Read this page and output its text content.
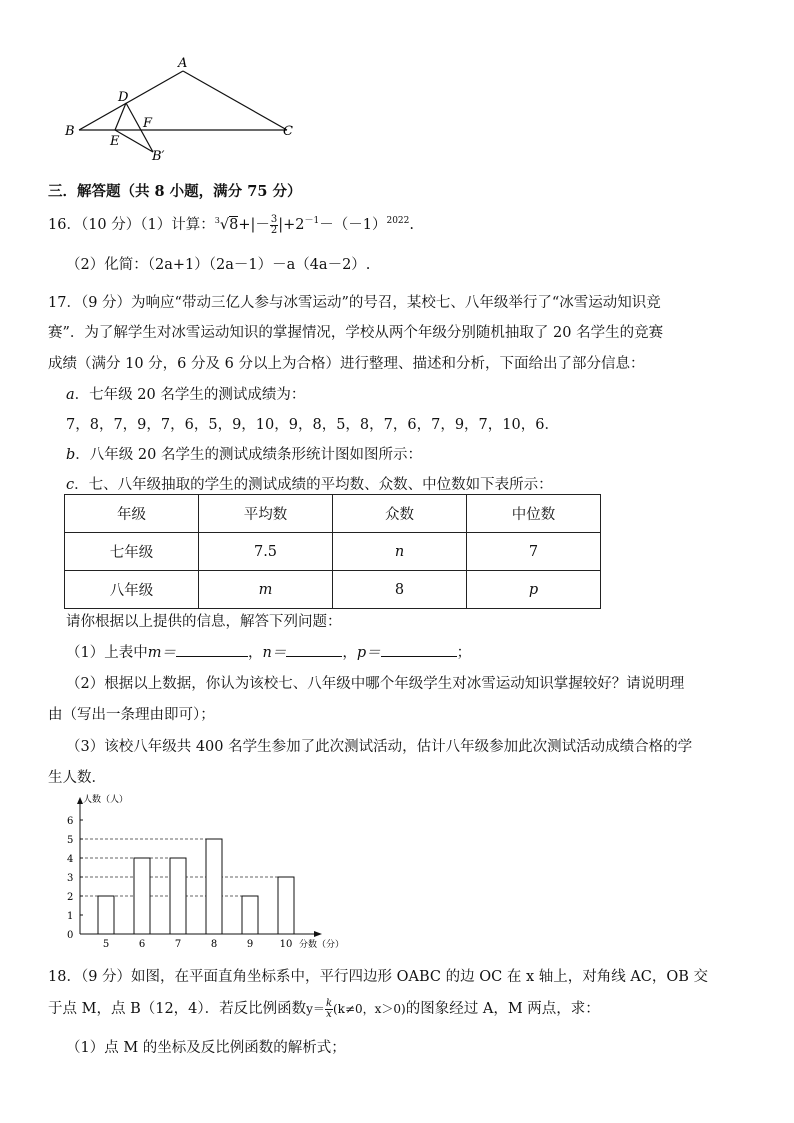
A
B	C
D
E
F
B′
三．解答题（共 8 小题，满分 75 分）
16．（10 分）（1）计算：$^3√8+|- \frac{3}{2} |+2^{-1}-(-1)^{2022}$.
（2）化简：（2a+1）（2a－1）－a（4a－2）.
17．（9 分）为响应“带动三亿人参与冰雪运动”的号召，某校七、八年级举行了“冰雪运动知识竞
赛”．为了解学生对冰雪运动知识的掌握情况，学校从两个年级分别随机抽取了 20 名学生的竞赛
成绩（满分 10 分，6 分及 6 分以上为合格）进行整理、描述和分析，下面给出了部分信息：
a．七年级 20 名学生的测试成绩为：
7，8，7，9，7，6，5，9，10，9，8，5，8，7，6，7，9，7，10，6．
b．八年级 20 名学生的测试成绩条形统计图如图所示：
c．七、八年级抽取的学生的测试成绩的平均数、众数、中位数如下表所示：
年级	平均数	众数	中位数
七年级	7.5	n	7
八年级	m	8	p
请你根据以上提供的信息，解答下列问题：
（1）上表中m＝	，n＝	，p＝	；
（2）根据以上数据，你认为该校七、八年级中哪个年级学生对冰雪运动知识掌握较好？请说明理
由（写出一条理由即可）；
（3）该校八年级共 400 名学生参加了此次测试活动，估计八年级参加此次测试活动成绩合格的学
生人数．
0
1
2
3
4
5
6
5	6	7	8	9	10
人数（人）
分数（分）
18．（9 分）如图，在平面直角坐标系中，平行四边形 OABC 的边 OC 在 x 轴上，对角线 AC，OB 交
于点 M，点 B（12，4）．若反比例函数$y= \frac{k}{x} (k\ne 0$，x＞0)的图象经过 A，M 两点，求：
（1）点 M 的坐标及反比例函数的解析式；
